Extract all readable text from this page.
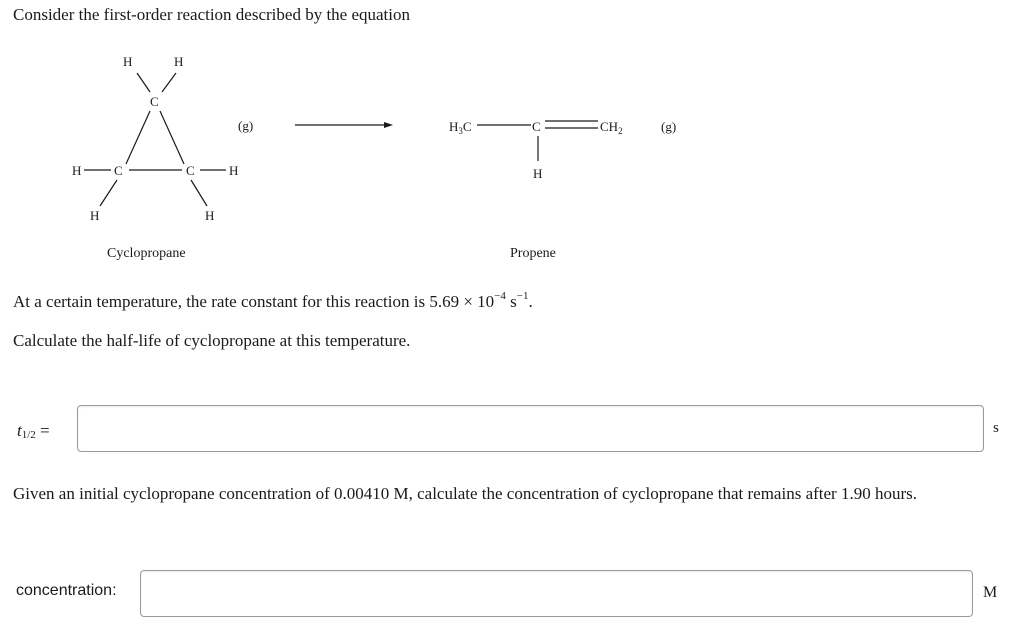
Consider the first-order reaction described by the equation
H	H
C
H	C
H
C	H
H
(g)
Cyclopropane
$H_3C$	C	$CH_2$
H
(g)
Propene
At a certain temperature, the rate constant for this reaction is $5.69 \times 10^{-4}$ $s^{-1}$.
Calculate the half-life of cyclopropane at this temperature.
$t_{1/2}$ =	s
Given an initial cyclopropane concentration of 0.00410 M, calculate the concentration of cyclopropane that remains after 1.90 hours.
concentration:	M
